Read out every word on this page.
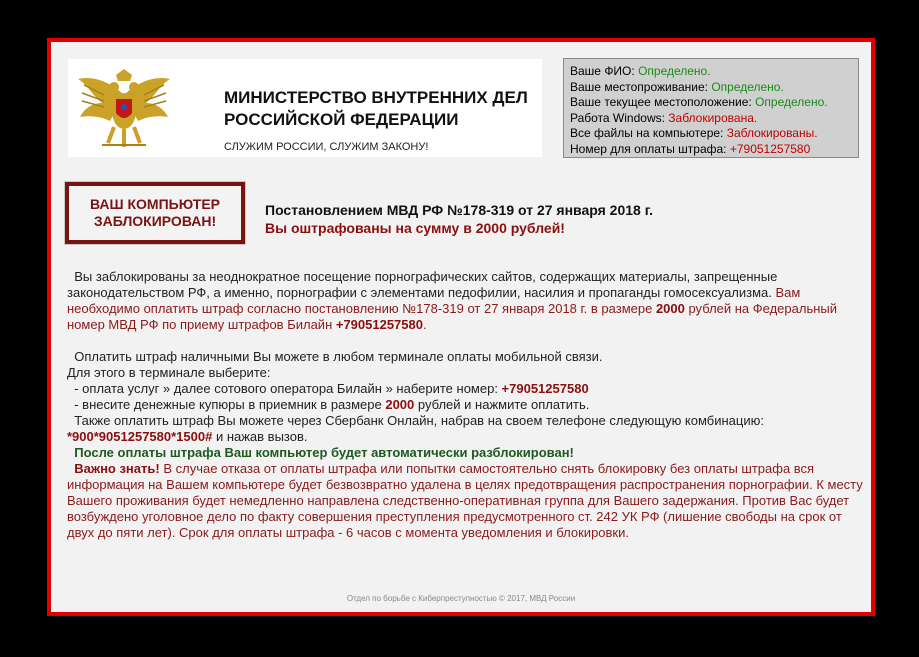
МИНИСТЕРСТВО ВНУТРЕННИХ ДЕЛ
РОССИЙСКОЙ ФЕДЕРАЦИИ
СЛУЖИМ РОССИИ, СЛУЖИМ ЗАКОНУ!
Ваше ФИО: Определено.
Ваше местопроживание: Определено.
Ваше текущее местоположение: Определено.
Работа Windows: Заблокирована.
Все файлы на компьютере: Заблокированы.
Номер для оплаты штрафа: +79051257580
ВАШ КОМПЬЮТЕР
ЗАБЛОКИРОВАН!
Постановлением МВД РФ №178-319 от 27 января 2018 г.
Вы оштрафованы на сумму в 2000 рублей!

Вы заблокированы за неоднократное посещение порнографических сайтов, содержащих материалы, запрещенные законодательством РФ, а именно, порнографии с элементами педофилии, насилия и пропаганды гомосексуализма. Вам необходимо оплатить штраф согласно постановлению №178-319 от 27 января 2018 г. в размере 2000 рублей на Федеральный номер МВД РФ по приему штрафов Билайн +79051257580.

Оплатить штраф наличными Вы можете в любом терминале оплаты мобильной связи.

Для этого в терминале выберите:

- оплата услуг » далее сотового оператора Билайн » наберите номер: +79051257580

- внесите денежные купюры в приемник в размере 2000 рублей и нажмите оплатить.

Также оплатить штраф Вы можете через Сбербанк Онлайн, набрав на своем телефоне следующую комбинацию: *900*9051257580*1500# и нажав вызов.

После оплаты штрафа Ваш компьютер будет автоматически разблокирован!

Важно знать! В случае отказа от оплаты штрафа или попытки самостоятельно снять блокировку без оплаты штрафа вся информация на Вашем компьютере будет безвозвратно удалена в целях предотвращения распространения порнографии. К месту Вашего проживания будет немедленно направлена следственно-оперативная группа для Вашего задержания. Против Вас будет возбуждено уголовное дело по факту совершения преступления предусмотренного ст. 242 УК РФ (лишение свободы на срок от двух до пяти лет). Срок для оплаты штрафа - 6 часов с момента уведомления и блокировки.

Отдел по борьбе с Киберпреступностью © 2017, МВД России
